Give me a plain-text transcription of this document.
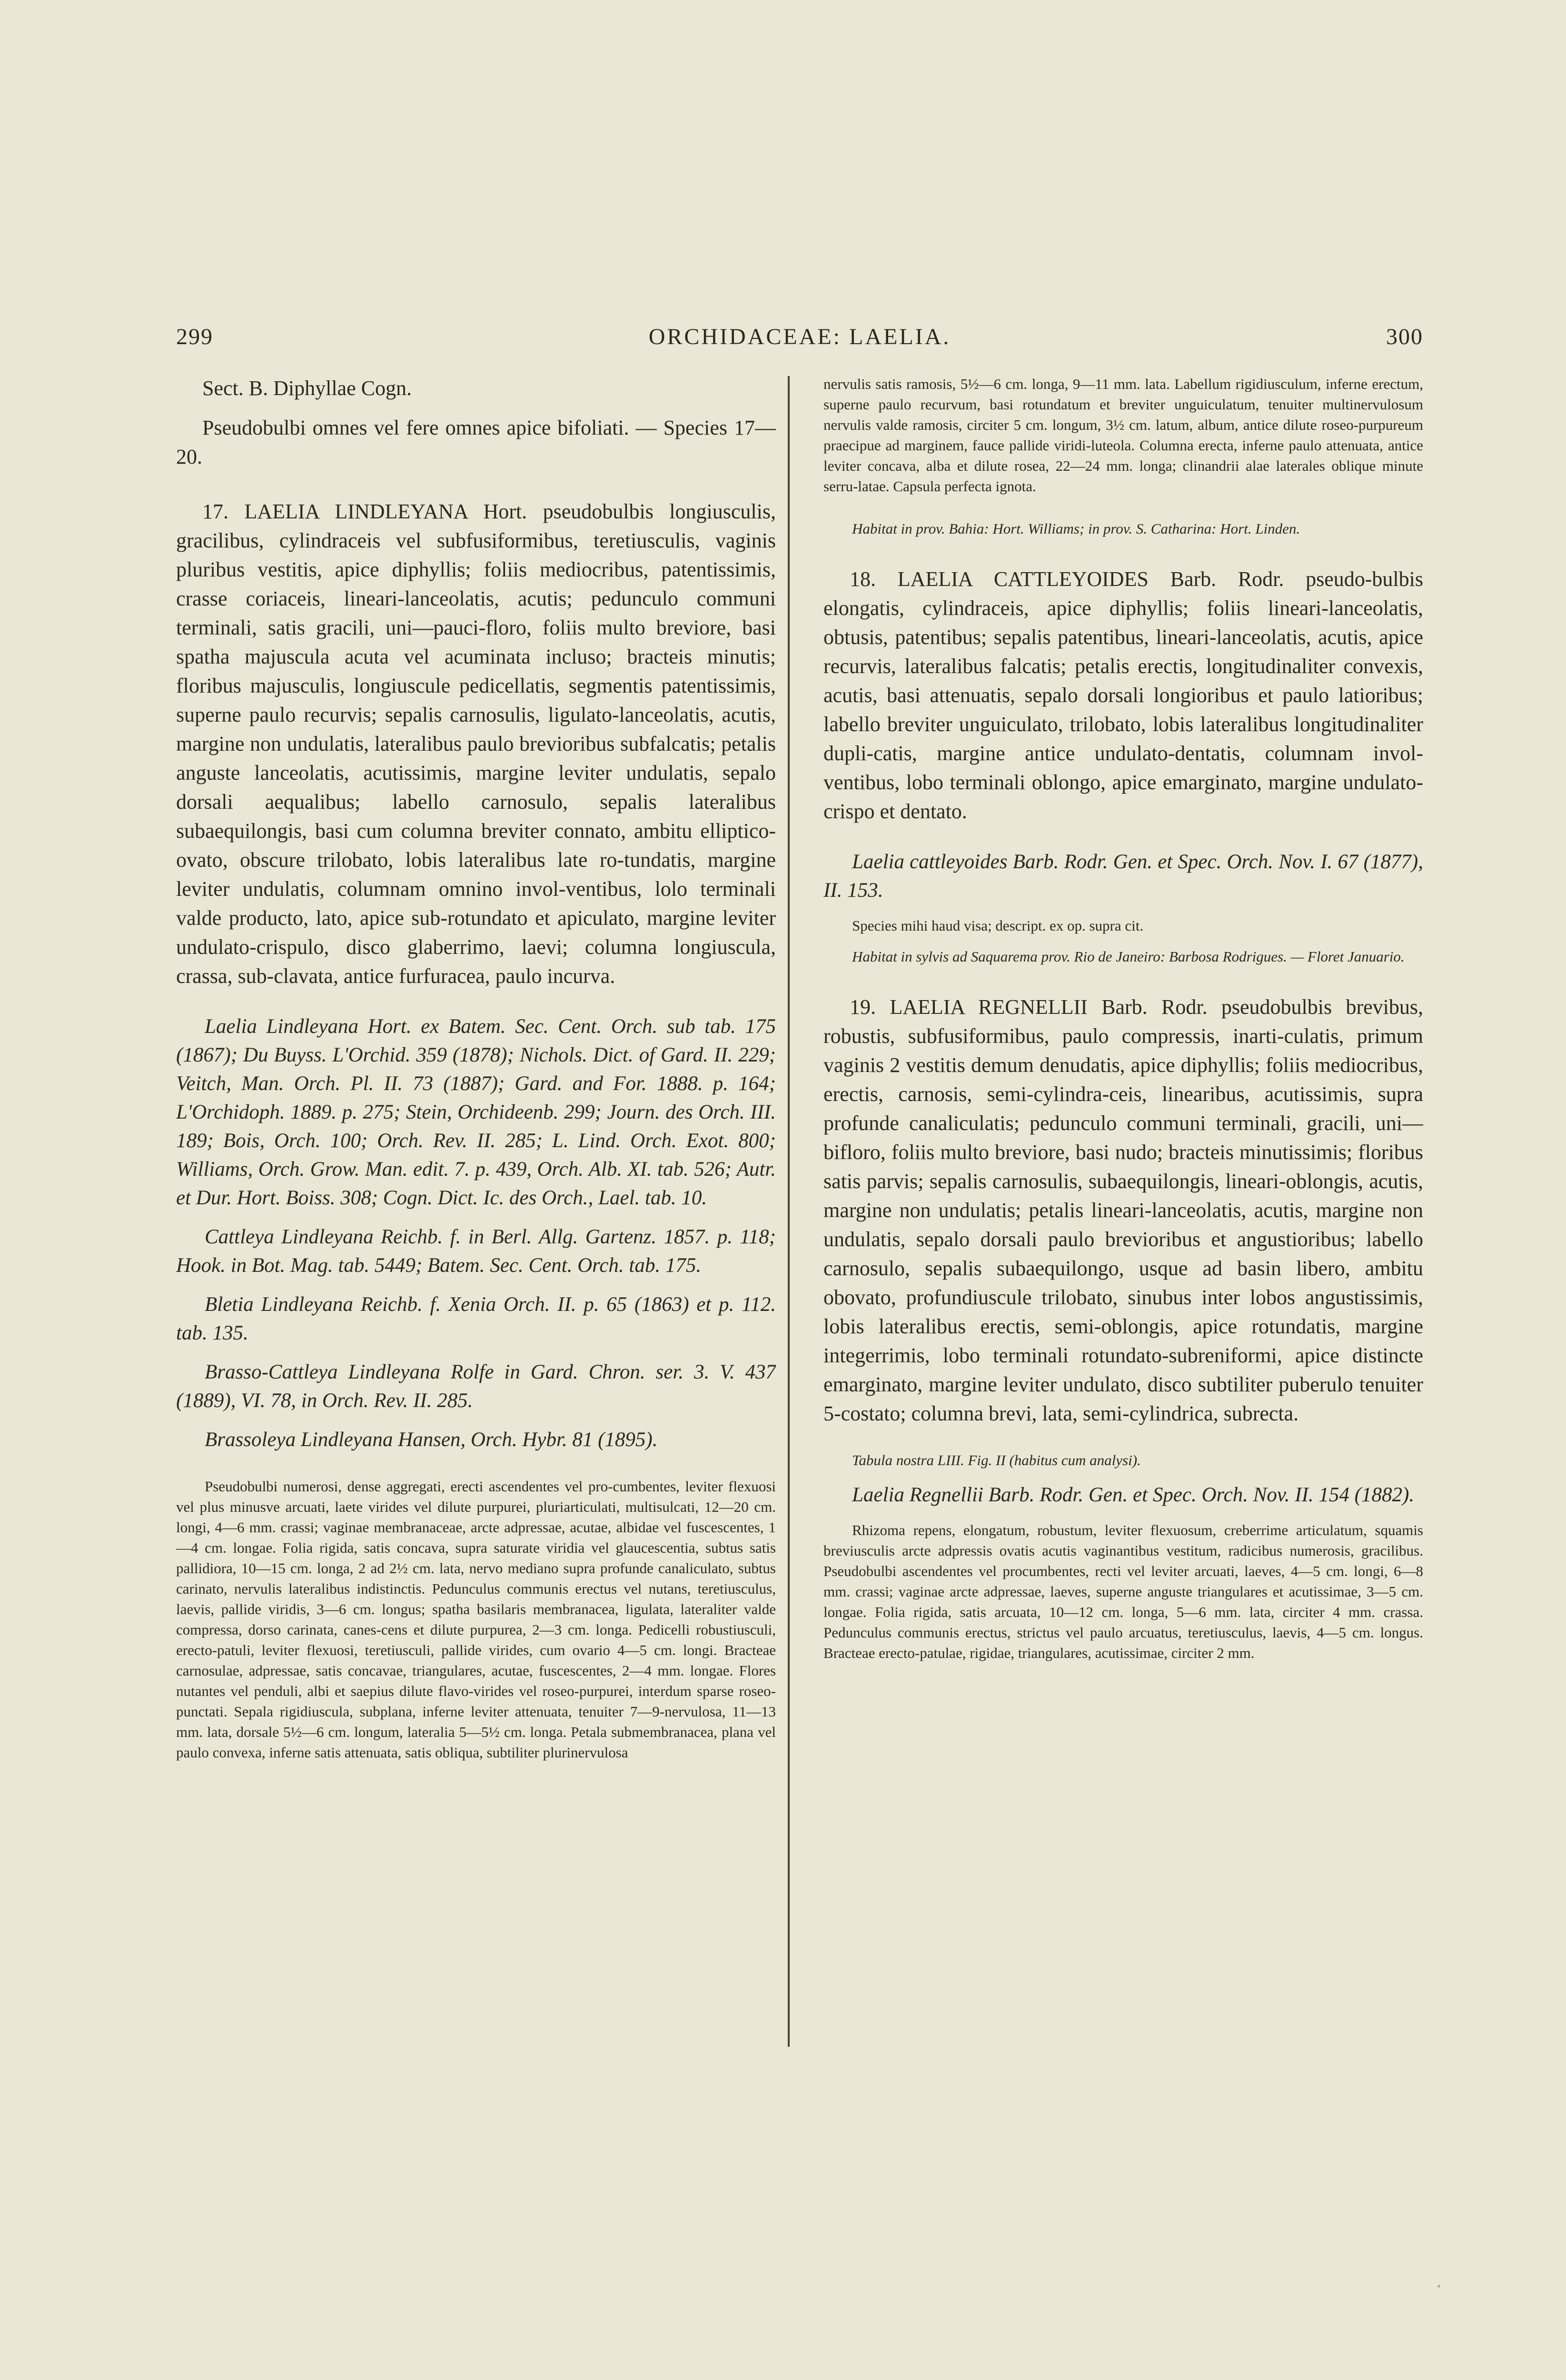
299	ORCHIDACEAE: LAELIA.	300

Sect. B. Diphyllae Cogn.

Pseudobulbi omnes vel fere omnes apice bifoliati. — Species 17—20.

17. LAELIA LINDLEYANA Hort. pseudobulbis longiusculis, gracilibus, cylindraceis vel subfusiformibus, teretiusculis, vaginis pluribus vestitis, apice diphyllis; foliis mediocribus, patentissimis, crasse coriaceis, lineari-lanceolatis, acutis; pedunculo communi terminali, satis gracili, uni—pauci-floro, foliis multo breviore, basi spatha majuscula acuta vel acuminata incluso; bracteis minutis; floribus majusculis, longiuscule pedicellatis, segmentis patentissimis, superne paulo recurvis; sepalis carnosulis, ligulato-lanceolatis, acutis, margine non undulatis, lateralibus paulo brevioribus subfalcatis; petalis anguste lanceolatis, acutissimis, margine leviter undulatis, sepalo dorsali aequalibus; labello carnosulo, sepalis lateralibus subaequilongis, basi cum columna breviter connato, ambitu elliptico-ovato, obscure trilobato, lobis lateralibus late ro-tundatis, margine leviter undulatis, columnam omnino invol-ventibus, lolo terminali valde producto, lato, apice sub-rotundato et apiculato, margine leviter undulato-crispulo, disco glaberrimo, laevi; columna longiuscula, crassa, sub-clavata, antice furfuracea, paulo incurva.

Laelia Lindleyana Hort. ex Batem. Sec. Cent. Orch. sub tab. 175 (1867); Du Buyss. L'Orchid. 359 (1878); Nichols. Dict. of Gard. II. 229; Veitch, Man. Orch. Pl. II. 73 (1887); Gard. and For. 1888. p. 164; L'Orchidoph. 1889. p. 275; Stein, Orchideenb. 299; Journ. des Orch. III. 189; Bois, Orch. 100; Orch. Rev. II. 285; L. Lind. Orch. Exot. 800; Williams, Orch. Grow. Man. edit. 7. p. 439, Orch. Alb. XI. tab. 526; Autr. et Dur. Hort. Boiss. 308; Cogn. Dict. Ic. des Orch., Lael. tab. 10.

Cattleya Lindleyana Reichb. f. in Berl. Allg. Gartenz. 1857. p. 118; Hook. in Bot. Mag. tab. 5449; Batem. Sec. Cent. Orch. tab. 175.

Bletia Lindleyana Reichb. f. Xenia Orch. II. p. 65 (1863) et p. 112. tab. 135.

Brasso-Cattleya Lindleyana Rolfe in Gard. Chron. ser. 3. V. 437 (1889), VI. 78, in Orch. Rev. II. 285.

Brassoleya Lindleyana Hansen, Orch. Hybr. 81 (1895).

Pseudobulbi numerosi, dense aggregati, erecti ascendentes vel pro-cumbentes, leviter flexuosi vel plus minusve arcuati, laete virides vel dilute purpurei, pluriarticulati, multisulcati, 12—20 cm. longi, 4—6 mm. crassi; vaginae membranaceae, arcte adpressae, acutae, albidae vel fuscescentes, 1—4 cm. longae. Folia rigida, satis concava, supra saturate viridia vel glaucescentia, subtus satis pallidiora, 10—15 cm. longa, 2 ad 2½ cm. lata, nervo mediano supra profunde canaliculato, subtus carinato, nervulis lateralibus indistinctis. Pedunculus communis erectus vel nutans, teretiusculus, laevis, pallide viridis, 3—6 cm. longus; spatha basilaris membranacea, ligulata, lateraliter valde compressa, dorso carinata, canes-cens et dilute purpurea, 2—3 cm. longa. Pedicelli robustiusculi, erecto-patuli, leviter flexuosi, teretiusculi, pallide virides, cum ovario 4—5 cm. longi. Bracteae carnosulae, adpressae, satis concavae, triangulares, acutae, fuscescentes, 2—4 mm. longae. Flores nutantes vel penduli, albi et saepius dilute flavo-virides vel roseo-purpurei, interdum sparse roseo-punctati. Sepala rigidiuscula, subplana, inferne leviter attenuata, tenuiter 7—9-nervulosa, 11—13 mm. lata, dorsale 5½—6 cm. longum, lateralia 5—5½ cm. longa. Petala submembranacea, plana vel paulo convexa, inferne satis attenuata, satis obliqua, subtiliter plurinervulosa

nervulis satis ramosis, 5½—6 cm. longa, 9—11 mm. lata. Labellum rigidiusculum, inferne erectum, superne paulo recurvum, basi rotundatum et breviter unguiculatum, tenuiter multinervulosum nervulis valde ramosis, circiter 5 cm. longum, 3½ cm. latum, album, antice dilute roseo-purpureum praecipue ad marginem, fauce pallide viridi-luteola. Columna erecta, inferne paulo attenuata, antice leviter concava, alba et dilute rosea, 22—24 mm. longa; clinandrii alae laterales oblique minute serru-latae. Capsula perfecta ignota.

Habitat in prov. Bahia: Hort. Williams; in prov. S. Catharina: Hort. Linden.

18. LAELIA CATTLEYOIDES Barb. Rodr. pseudo-bulbis elongatis, cylindraceis, apice diphyllis; foliis lineari-lanceolatis, obtusis, patentibus; sepalis patentibus, lineari-lanceolatis, acutis, apice recurvis, lateralibus falcatis; petalis erectis, longitudinaliter convexis, acutis, basi attenuatis, sepalo dorsali longioribus et paulo latioribus; labello breviter unguiculato, trilobato, lobis lateralibus longitudinaliter dupli-catis, margine antice undulato-dentatis, columnam invol-ventibus, lobo terminali oblongo, apice emarginato, margine undulato-crispo et dentato.

Laelia cattleyoides Barb. Rodr. Gen. et Spec. Orch. Nov. I. 67 (1877), II. 153.

Species mihi haud visa; descript. ex op. supra cit.

Habitat in sylvis ad Saquarema prov. Rio de Janeiro: Barbosa Rodrigues. — Floret Januario.

19. LAELIA REGNELLII Barb. Rodr. pseudobulbis brevibus, robustis, subfusiformibus, paulo compressis, inarti-culatis, primum vaginis 2 vestitis demum denudatis, apice diphyllis; foliis mediocribus, erectis, carnosis, semi-cylindra-ceis, linearibus, acutissimis, supra profunde canaliculatis; pedunculo communi terminali, gracili, uni—bifloro, foliis multo breviore, basi nudo; bracteis minutissimis; floribus satis parvis; sepalis carnosulis, subaequilongis, lineari-oblongis, acutis, margine non undulatis; petalis lineari-lanceolatis, acutis, margine non undulatis, sepalo dorsali paulo brevioribus et angustioribus; labello carnosulo, sepalis subaequilongo, usque ad basin libero, ambitu obovato, profundiuscule trilobato, sinubus inter lobos angustissimis, lobis lateralibus erectis, semi-oblongis, apice rotundatis, margine integerrimis, lobo terminali rotundato-subreniformi, apice distincte emarginato, margine leviter undulato, disco subtiliter puberulo tenuiter 5-costato; columna brevi, lata, semi-cylindrica, subrecta.

Tabula nostra LIII. Fig. II (habitus cum analysi).

Laelia Regnellii Barb. Rodr. Gen. et Spec. Orch. Nov. II. 154 (1882).

Rhizoma repens, elongatum, robustum, leviter flexuosum, creberrime articulatum, squamis breviusculis arcte adpressis ovatis acutis vaginantibus vestitum, radicibus numerosis, gracilibus. Pseudobulbi ascendentes vel procumbentes, recti vel leviter arcuati, laeves, 4—5 cm. longi, 6—8 mm. crassi; vaginae arcte adpressae, laeves, superne anguste triangulares et acutissimae, 3—5 cm. longae. Folia rigida, satis arcuata, 10—12 cm. longa, 5—6 mm. lata, circiter 4 mm. crassa. Pedunculus communis erectus, strictus vel paulo arcuatus, teretiusculus, laevis, 4—5 cm. longus. Bracteae erecto-patulae, rigidae, triangulares, acutissimae, circiter 2 mm.
